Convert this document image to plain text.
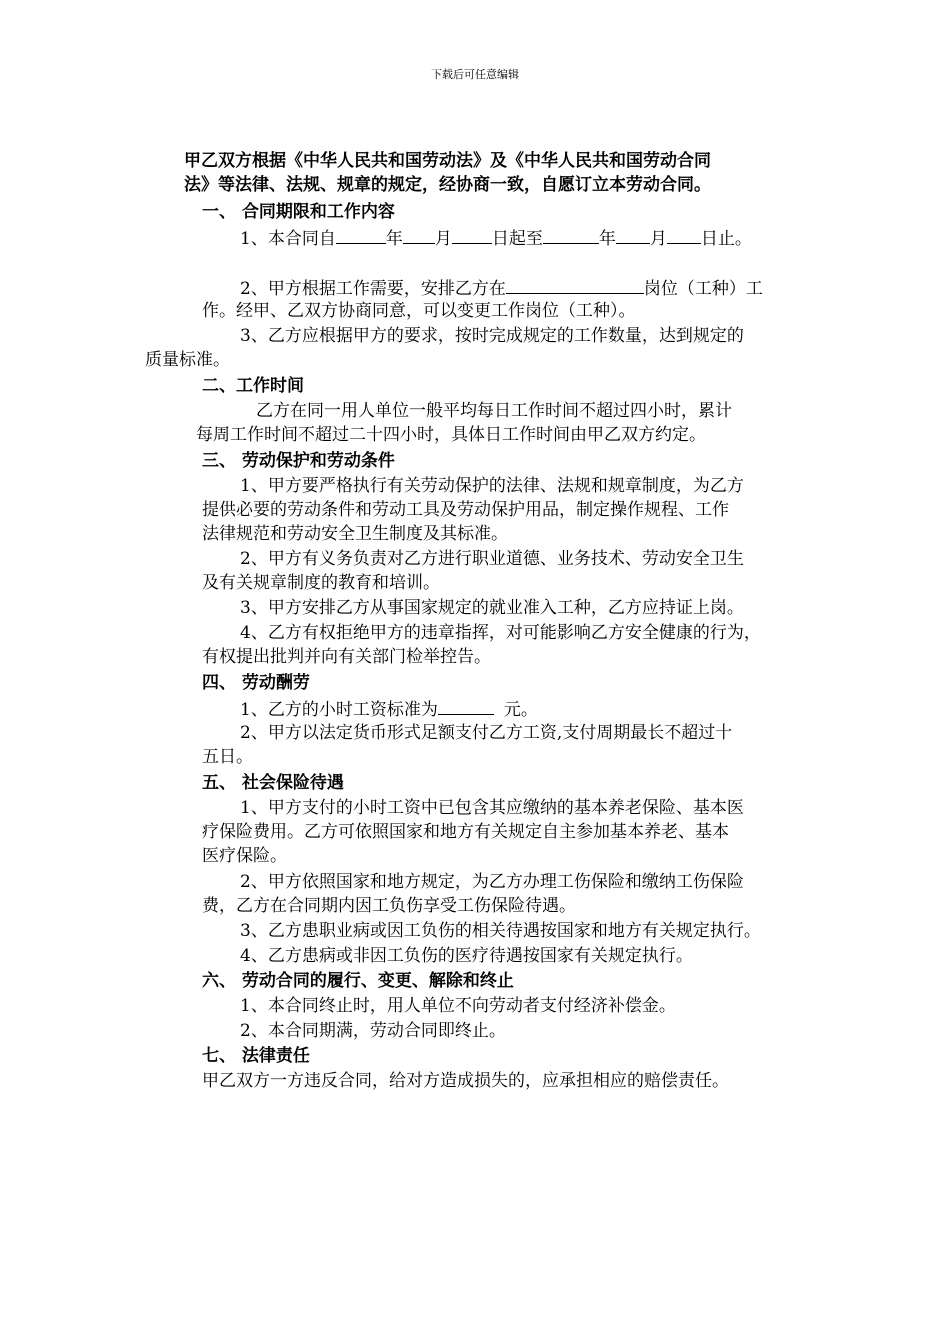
下载后可任意编辑
甲乙双方根据《中华人民共和国劳动法》及《中华人民共和国劳动合同
法》等法律、法规、规章的规定，经协商一致，自愿订立本劳动合同。
一、 合同期限和工作内容
1、本合同自	年 月 日起至	年 月 日止。
2、甲方根据工作需要，安排乙方在	岗位（工种）工
作。经甲、乙双方协商同意，可以变更工作岗位（工种）。
3、乙方应根据甲方的要求，按时完成规定的工作数量，达到规定的
质量标准。
二、工作时间
乙方在同一用人单位一般平均每日工作时间不超过四小时，累计
每周工作时间不超过二十四小时，具体日工作时间由甲乙双方约定。
三、 劳动保护和劳动条件
1、甲方要严格执行有关劳动保护的法律、法规和规章制度，为乙方
提供必要的劳动条件和劳动工具及劳动保护用品，制定操作规程、工作
法律规范和劳动安全卫生制度及其标准。
2、甲方有义务负责对乙方进行职业道德、业务技术、劳动安全卫生
及有关规章制度的教育和培训。
3、甲方安排乙方从事国家规定的就业准入工种，乙方应持证上岗。
4、乙方有权拒绝甲方的违章指挥，对可能影响乙方安全健康的行为，
有权提出批判并向有关部门检举控告。
四、 劳动酬劳
1、乙方的小时工资标准为	元。
2、甲方以法定货币形式足额支付乙方工资,支付周期最长不超过十
五日。
五、 社会保险待遇
1、甲方支付的小时工资中已包含其应缴纳的基本养老保险、基本医
疗保险费用。乙方可依照国家和地方有关规定自主参加基本养老、基本
医疗保险。
2、甲方依照国家和地方规定，为乙方办理工伤保险和缴纳工伤保险
费，乙方在合同期内因工负伤享受工伤保险待遇。
3、乙方患职业病或因工负伤的相关待遇按国家和地方有关规定执行。
4、乙方患病或非因工负伤的医疗待遇按国家有关规定执行。
六、 劳动合同的履行、变更、解除和终止
1、本合同终止时，用人单位不向劳动者支付经济补偿金。
2、本合同期满，劳动合同即终止。
七、 法律责任
甲乙双方一方违反合同，给对方造成损失的，应承担相应的赔偿责任。
